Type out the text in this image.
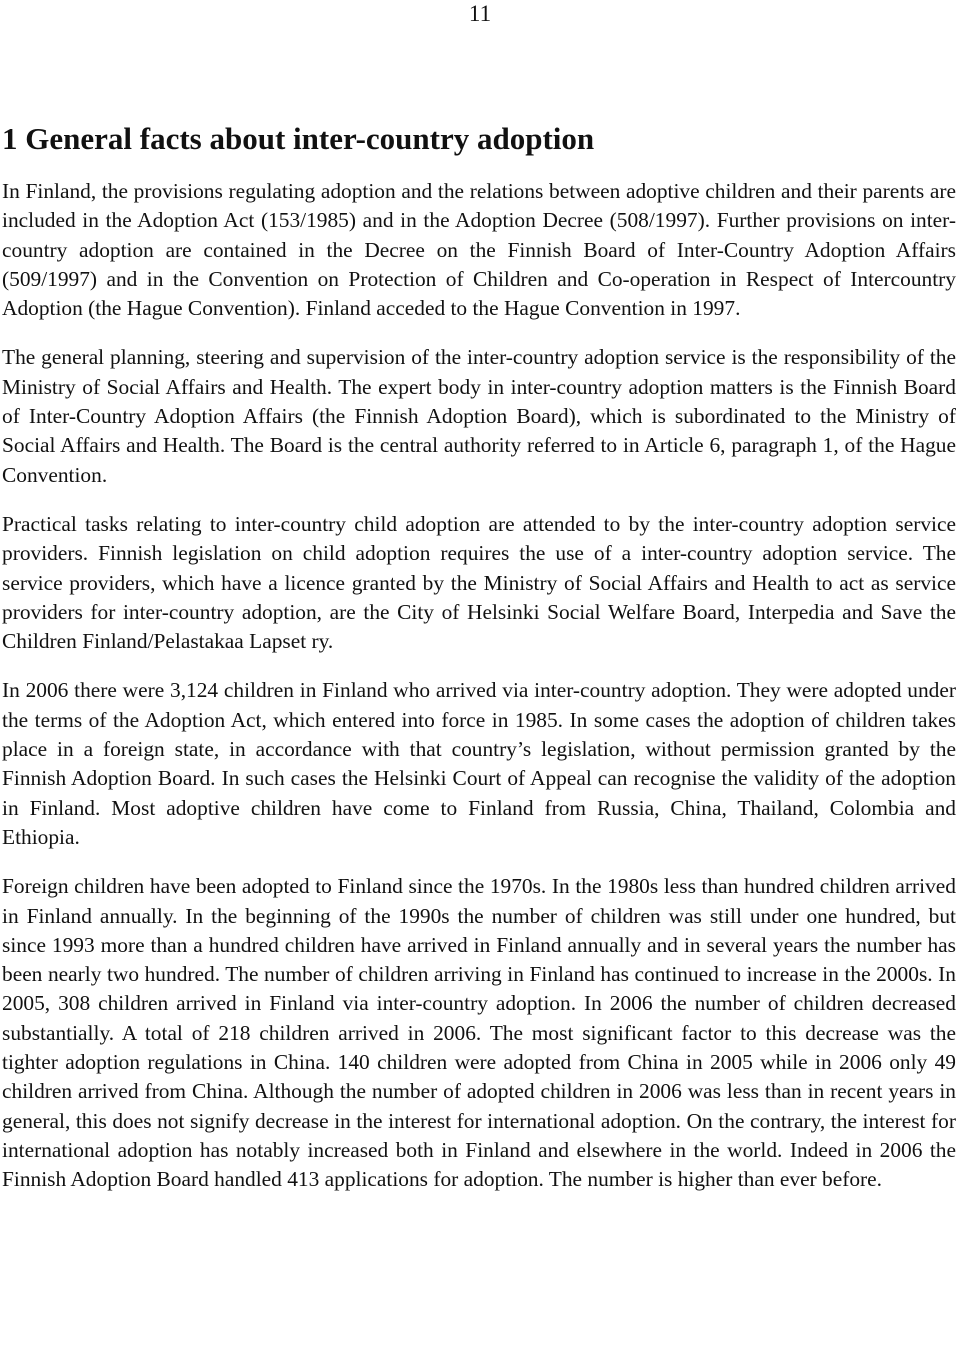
11
1 General facts about inter-country adoption

In Finland, the provisions regulating adoption and the relations between adoptive children and their parents are included in the Adoption Act (153/1985) and in the Adoption Decree (508/1997). Further provisions on inter-country adoption are contained in the Decree on the Finnish Board of Inter-Country Adoption Affairs (509/1997) and in the Convention on Protection of Children and Co-operation in Respect of Intercountry Adoption (the Hague Convention). Finland acceded to the Hague Convention in 1997.

The general planning, steering and supervision of the inter-country adoption service is the responsibility of the Ministry of Social Affairs and Health. The expert body in inter-country adoption matters is the Finnish Board of Inter-Country Adoption Affairs (the Finnish Adoption Board), which is subordinated to the Ministry of Social Affairs and Health. The Board is the central authority referred to in Article 6, paragraph 1, of the Hague Convention.

Practical tasks relating to inter-country child adoption are attended to by the inter-country adoption service providers. Finnish legislation on child adoption requires the use of a inter-country adoption service. The service providers, which have a licence granted by the Ministry of Social Affairs and Health to act as service providers for inter-country adoption, are the City of Helsinki Social Welfare Board, Interpedia and Save the Children Finland/Pelastakaa Lapset ry.

In 2006 there were 3,124 children in Finland who arrived via inter-country adoption. They were adopted under the terms of the Adoption Act, which entered into force in 1985. In some cases the adoption of children takes place in a foreign state, in accordance with that country’s legislation, without permission granted by the Finnish Adoption Board. In such cases the Helsinki Court of Appeal can recognise the validity of the adoption in Finland. Most adoptive children have come to Finland from Russia, China, Thailand, Colombia and Ethiopia.

Foreign children have been adopted to Finland since the 1970s. In the 1980s less than hundred children arrived in Finland annually. In the beginning of the 1990s the number of children was still under one hundred, but since 1993 more than a hundred children have arrived in Finland annually and in several years the number has been nearly two hundred. The number of children arriving in Finland has continued to increase in the 2000s. In 2005, 308 children arrived in Finland via inter-country adoption. In 2006 the number of children decreased substantially. A total of 218 children arrived in 2006. The most significant factor to this decrease was the tighter adoption regulations in China. 140 children were adopted from China in 2005 while in 2006 only 49 children arrived from China. Although the number of adopted children in 2006 was less than in recent years in general, this does not signify decrease in the interest for international adoption. On the contrary, the interest for international adoption has notably increased both in Finland and elsewhere in the world. Indeed in 2006 the Finnish Adoption Board handled 413 applications for adoption. The number is higher than ever before.
